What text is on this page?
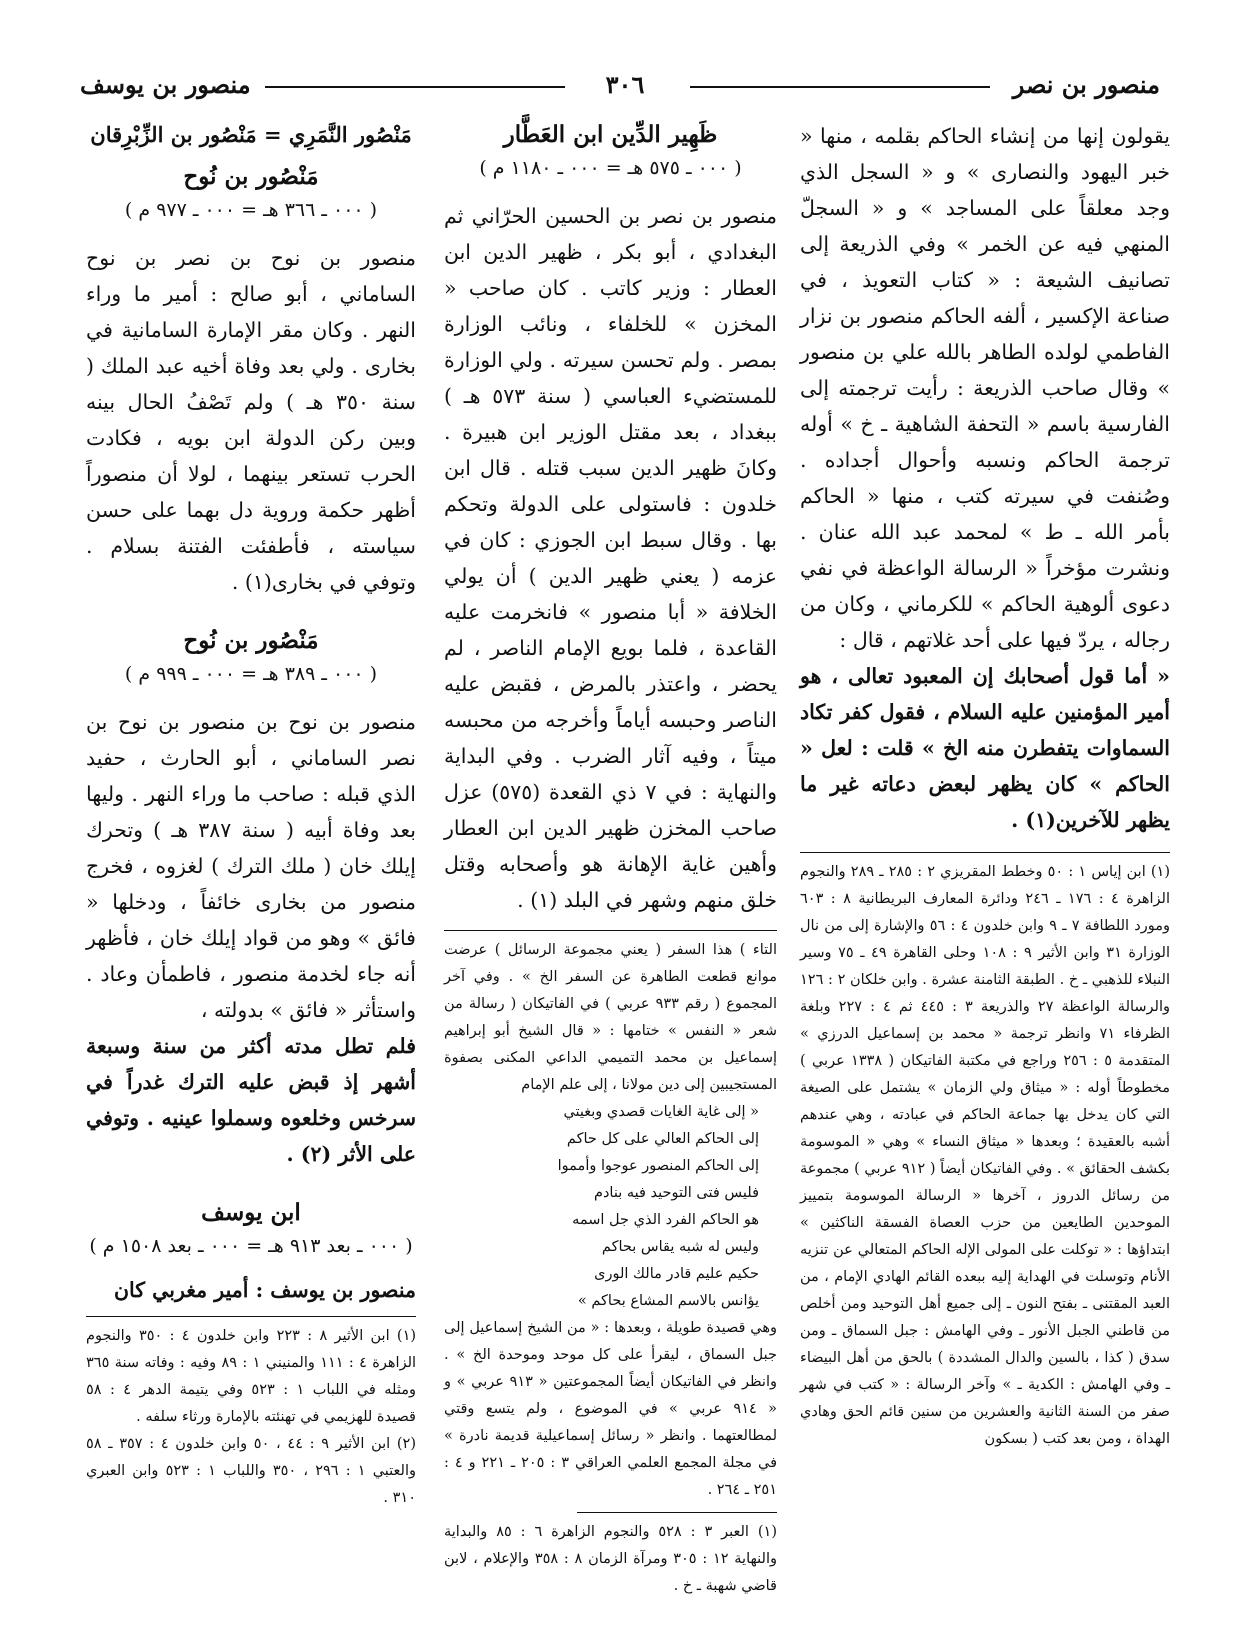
منصور بن نصر
٣٠٦
منصور بن يوسف
يقولون إنها من إنشاء الحاكم بقلمه ، منها « خبر اليهود والنصارى » و « السجل الذي وجد معلقاً على المساجد » و « السجلّ المنهي فيه عن الخمر » وفي الذريعة إلى تصانيف الشيعة : « كتاب التعويذ ، في صناعة الإكسير ، ألفه الحاكم منصور بن نزار الفاطمي لولده الطاهر بالله علي بن منصور » وقال صاحب الذريعة : رأيت ترجمته إلى الفارسية باسم « التحفة الشاهية ـ خ » أوله ترجمة الحاكم ونسبه وأحوال أجداده . وصُنفت في سيرته كتب ، منها « الحاكم بأمر الله ـ ط » لمحمد عبد الله عنان . ونشرت مؤخراً « الرسالة الواعظة في نفي دعوى ألوهية الحاكم » للكرماني ، وكان من رجاله ، يردّ فيها على أحد غلاتهم ، قال :
« أما قول أصحابك إن المعبود تعالى ، هو أمير المؤمنين عليه السلام ، فقول كفر تكاد السماوات يتفطرن منه الخ » قلت : لعل « الحاكم » كان يظهر لبعض دعاته غير ما يظهر للآخرين(١) .
(١) ابن إياس ١ : ٥٠ وخطط المقريزي ٢ : ٢٨٥ ـ ٢٨٩ والنجوم الزاهرة ٤ : ١٧٦ ـ ٢٤٦ ودائرة المعارف البريطانية ٨ : ٦٠٣ ومورد اللطافة ٧ ـ ٩ وابن خلدون ٤ : ٥٦ والإشارة إلى من نال الوزارة ٣١ وابن الأثير ٩ : ١٠٨ وحلى القاهرة ٤٩ ـ ٧٥ وسير النبلاء للذهبي ـ خ . الطبقة الثامنة عشرة . وابن خلكان ٢ : ١٢٦ والرسالة الواعظة ٢٧ والذريعة ٣ : ٤٤٥ ثم ٤ : ٢٢٧ وبلغة الظرفاء ٧١ وانظر ترجمة « محمد بن إسماعيل الدرزي » المتقدمة ٥ : ٢٥٦ وراجع في مكتبة الفاتيكان ( ١٣٣٨ عربي ) مخطوطاً أوله : « ميثاق ولي الزمان » يشتمل على الصيغة التي كان يدخل بها جماعة الحاكم في عبادته ، وهي عندهم أشبه بالعقيدة ؛ وبعدها « ميثاق النساء » وهي « الموسومة بكشف الحقائق » . وفي الفاتيكان أيضاً ( ٩١٢ عربي ) مجموعة من رسائل الدروز ، آخرها « الرسالة الموسومة بتمييز الموحدين الطايعين من حزب العصاة الفسقة الناكثين » ابتداؤها : « توكلت على المولى الإله الحاكم المتعالي عن تنزيه الأنام وتوسلت في الهداية إليه ببعده القائم الهادي الإمام ، من العبد المقتنى ـ بفتح النون ـ إلى جميع أهل التوحيد ومن أخلص من قاطني الجبل الأنور ـ وفي الهامش : جبل السماق ـ ومن سدق ( كذا ، بالسين والدال المشددة ) بالحق من أهل البيضاء ـ وفي الهامش : الكدية ـ » وآخر الرسالة : « كتب في شهر صفر من السنة الثانية والعشرين من سنين قائم الحق وهادي الهداة ، ومن بعد كتب ( بسكون
ظَهِير الدِّين ابن العَطَّار
( ٠٠٠ ـ ٥٧٥ هـ = ٠٠٠ ـ ١١٨٠ م )
منصور بن نصر بن الحسين الحرّاني ثم البغدادي ، أبو بكر ، ظهير الدين ابن العطار : وزير كاتب . كان صاحب « المخزن » للخلفاء ، ونائب الوزارة بمصر . ولم تحسن سيرته . ولي الوزارة للمستضيء العباسي ( سنة ٥٧٣ هـ ) ببغداد ، بعد مقتل الوزير ابن هبيرة . وكانَ ظهير الدين سبب قتله . قال ابن خلدون : فاستولى على الدولة وتحكم بها . وقال سبط ابن الجوزي : كان في عزمه ( يعني ظهير الدين ) أن يولي الخلافة « أبا منصور » فانخرمت عليه القاعدة ، فلما بويع الإمام الناصر ، لم يحضر ، واعتذر بالمرض ، فقبض عليه الناصر وحبسه أياماً وأخرجه من محبسه ميتاً ، وفيه آثار الضرب . وفي البداية والنهاية : في ٧ ذي القعدة (٥٧٥) عزل صاحب المخزن ظهير الدين ابن العطار وأهين غاية الإهانة هو وأصحابه وقتل خلق منهم وشهر في البلد (١) .
التاء ) هذا السفر ( يعني مجموعة الرسائل ) عرضت موانع قطعت الطاهرة عن السفر الخ » . وفي آخر المجموع ( رقم ٩٣٣ عربي ) في الفاتيكان ( رسالة من شعر « النفس » ختامها : « قال الشيخ أبو إبراهيم إسماعيل بن محمد التميمي الداعي المكنى بصفوة المستجيبين إلى دين مولانا ، إلى علم الإمام
« إلى غاية الغايات قصدي وبغيتي
إلى الحاكم العالي على كل حاكم
إلى الحاكم المنصور عوجوا وأمموا
فليس فتى التوحيد فيه بنادم
هو الحاكم الفرد الذي جل اسمه
وليس له شبه يقاس بحاكم
حكيم عليم قادر مالك الورى
يؤانس بالاسم المشاع بحاكم »
وهي قصيدة طويلة ، وبعدها : « من الشيخ إسماعيل إلى جبل السماق ، ليقرأ على كل موحد وموحدة الخ » . وانظر في الفاتيكان أيضاً المجموعتين « ٩١٣ عربي » و « ٩١٤ عربي » في الموضوع ، ولم يتسع وقتي لمطالعتهما . وانظر « رسائل إسماعيلية قديمة نادرة » في مجلة المجمع العلمي العراقي ٣ : ٢٠٥ ـ ٢٢١ و ٤ : ٢٥١ ـ ٢٦٤ .
(١) العبر ٣ : ٥٢٨ والنجوم الزاهرة ٦ : ٨٥ والبداية والنهاية ١٢ : ٣٠٥ ومرآة الزمان ٨ : ٣٥٨ والإعلام ، لابن قاضي شهبة ـ خ .
مَنْصُور النَّمَرِي = مَنْصُور بن الزِّبْرِقان
مَنْصُور بن نُوح
( ٠٠٠ ـ ٣٦٦ هـ = ٠٠٠ ـ ٩٧٧ م )
منصور بن نوح بن نصر بن نوح الساماني ، أبو صالح : أمير ما وراء النهر . وكان مقر الإمارة السامانية في بخارى . ولي بعد وفاة أخيه عبد الملك ( سنة ٣٥٠ هـ ) ولم تَصْفُ الحال بينه وبين ركن الدولة ابن بويه ، فكادت الحرب تستعر بينهما ، لولا أن منصوراً أظهر حكمة وروية دل بهما على حسن سياسته ، فأطفئت الفتنة بسلام . وتوفي في بخارى(١) .
مَنْصُور بن نُوح
( ٠٠٠ ـ ٣٨٩ هـ = ٠٠٠ ـ ٩٩٩ م )
منصور بن نوح بن منصور بن نوح بن نصر الساماني ، أبو الحارث ، حفيد الذي قبله : صاحب ما وراء النهر . وليها بعد وفاة أبيه ( سنة ٣٨٧ هـ ) وتحرك إيلك خان ( ملك الترك ) لغزوه ، فخرج منصور من بخارى خائفاً ، ودخلها « فائق » وهو من قواد إيلك خان ، فأظهر أنه جاء لخدمة منصور ، فاطمأن وعاد . واستأثر « فائق » بدولته ،
فلم تطل مدته أكثر من سنة وسبعة أشهر إذ قبض عليه الترك غدراً في سرخس وخلعوه وسملوا عينيه . وتوفي على الأثر (٢) .
ابن يوسف
( ٠٠٠ ـ بعد ٩١٣ هـ = ٠٠٠ ـ بعد ١٥٠٨ م )
منصور بن يوسف : أمير مغربي كان
(١) ابن الأثير ٨ : ٢٢٣ وابن خلدون ٤ : ٣٥٠ والنجوم الزاهرة ٤ : ١١١ والمنيني ١ : ٨٩ وفيه : وفاته سنة ٣٦٥ ومثله في اللباب ١ : ٥٢٣ وفي يتيمة الدهر ٤ : ٥٨ قصيدة للهزيمي في تهنئته بالإمارة ورثاء سلفه .
(٢) ابن الأثير ٩ : ٤٤ ، ٥٠ وابن خلدون ٤ : ٣٥٧ ـ ٥٨ والعتبي ١ : ٢٩٦ ، ٣٥٠ واللباب ١ : ٥٢٣ وابن العبري ٣١٠ .
